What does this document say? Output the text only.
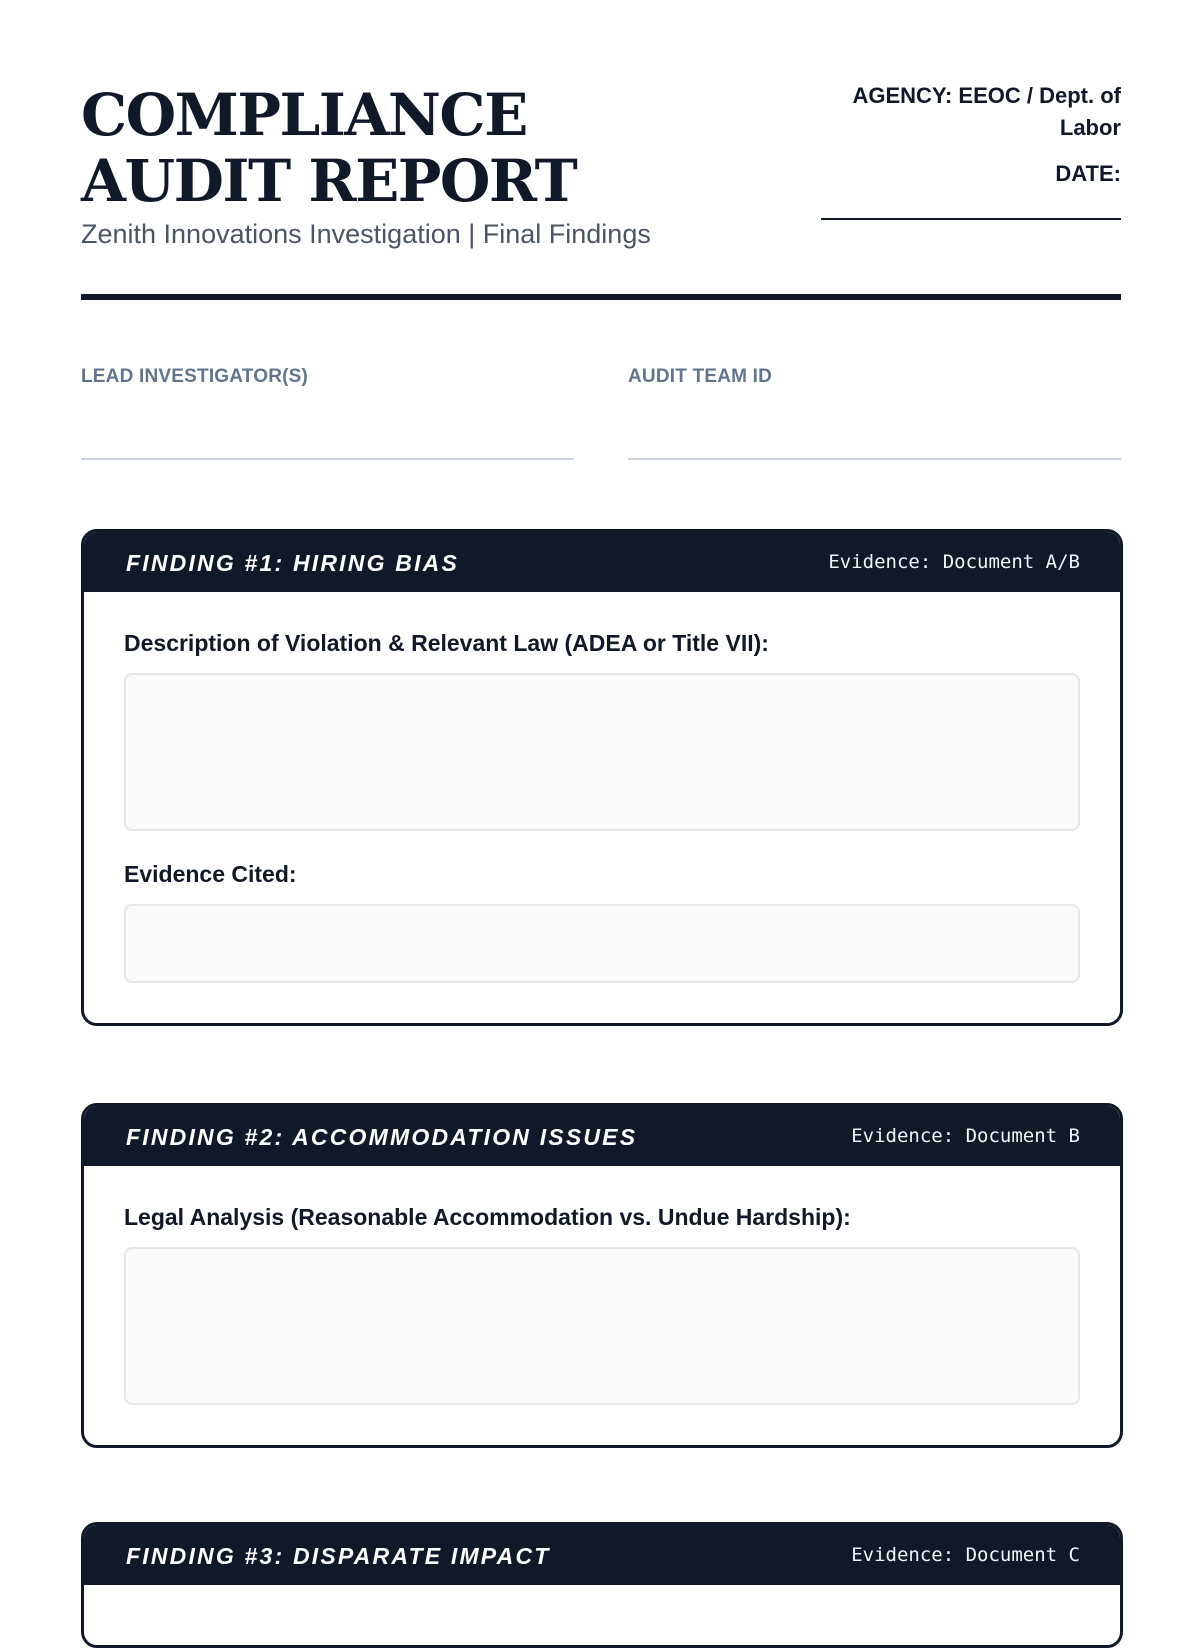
COMPLIANCE AUDIT REPORT
Zenith Innovations Investigation | Final Findings
AGENCY: EEOC / Dept. of Labor
DATE:
LEAD INVESTIGATOR(S)	AUDIT TEAM ID
FINDING #1: HIRING BIAS	Evidence: Document A/B
Description of Violation & Relevant Law (ADEA or Title VII):
Evidence Cited:
FINDING #2: ACCOMMODATION ISSUES	Evidence: Document B
Legal Analysis (Reasonable Accommodation vs. Undue Hardship):
FINDING #3: DISPARATE IMPACT	Evidence: Document C
